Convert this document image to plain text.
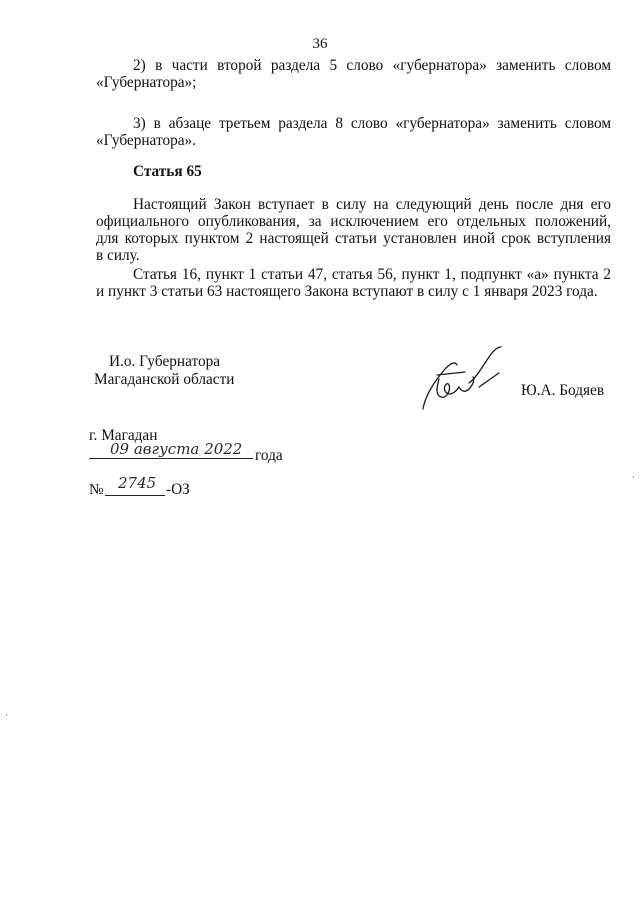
36
2) в части второй раздела 5 слово «губернатора» заменить словом
«Губернатора»;
3) в абзаце третьем раздела 8 слово «губернатора» заменить словом
«Губернатора».
Статья 65
Настоящий Закон вступает в силу на следующий день после дня его
официального опубликования, за исключением его отдельных положений,
для которых пунктом 2 настоящей статьи установлен иной срок вступления
в силу.
Статья 16, пункт 1 статьи 47, статья 56, пункт 1, подпункт «а» пункта 2
и пункт 3 статьи 63 настоящего Закона вступают в силу с 1 января 2023 года.
И.о. Губернатора
Магаданской области
Ю.А. Бодяев
г. Магадан
09 августа 2022 года
№ 2745 -ОЗ
